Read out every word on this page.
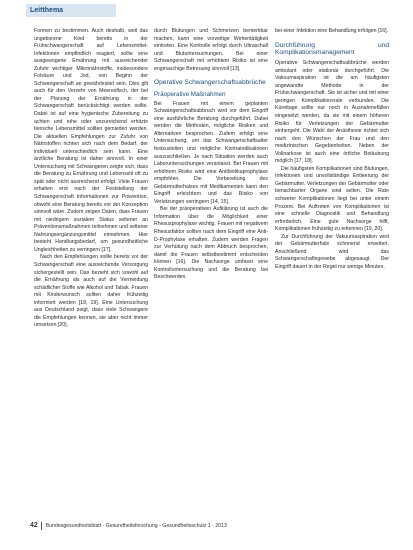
Leitthema

Formen zu bestimmen. Auch deshalb, weil das ungeborene Kind bereits in der Frühschwangerschaft auf Lebensmittel-Infektionen empfindlich reagiert, sollte eine ausgewogene Ernährung mit ausreichender Zufuhr wichtiger Mikronährstoffe, insbesondere Folsäure und Jod, von Beginn der Schwangerschaft an gewährleistet sein. Dies gilt auch für den Verzehr von Meeresfisch, der bei der Planung der Ernährung in der Schwangerschaft berücksichtigt werden sollte. Dabei ist auf eine hygienische Zubereitung zu achten und rohe oder unzureichend erhitzte tierische Lebensmittel sollten gemieden werden. Die aktuellen Empfehlungen zur Zufuhr von Nährstoffen richten sich nach dem Bedarf, der individuell unterschiedlich sein kann. Eine ärztliche Beratung ist daher sinnvoll. In einer Untersuchung mit Schwangeren zeigte sich, dass die Beratung zu Ernährung und Lebensstil oft zu spät oder nicht ausreichend erfolgt. Viele Frauen erhalten erst nach der Feststellung der Schwangerschaft Informationen zur Prävention, obwohl eine Beratung bereits vor der Konzeption sinnvoll wäre. Zudem zeigen Daten, dass Frauen mit niedrigem sozialem Status seltener an Präventionsmaßnahmen teilnehmen und seltener Nahrungsergänzungsmittel einnehmen. Hier besteht Handlungsbedarf, um gesundheitliche Ungleichheiten zu verringern [17].

Nach den Empfehlungen sollte bereits vor der Schwangerschaft eine ausreichende Versorgung sichergestellt sein. Das bezieht sich sowohl auf die Ernährung als auch auf die Vermeidung schädlicher Stoffe wie Alkohol und Tabak. Frauen mit Kinderwunsch sollten daher frühzeitig informiert werden [18, 19]. Eine Untersuchung aus Deutschland zeigt, dass viele Schwangere die Empfehlungen kennen, sie aber nicht immer umsetzen [20].

durch Blutungen und Schmerzen bemerkbar machen, kann eine vorzeitige Wehentätigkeit eintreten. Eine Kontrolle erfolgt durch Ultraschall und Blutuntersuchungen. Bei einer Schwangerschaft mit erhöhtem Risiko ist eine engmaschige Betreuung sinnvoll [13].

Operative Schwangerschaftsabbrüche
Präoperative Maßnahmen

Bei Frauen mit einem geplanten Schwangerschaftsabbruch wird vor dem Eingriff eine ausführliche Beratung durchgeführt. Dabei werden die Methoden, mögliche Risiken und Alternativen besprochen. Zudem erfolgt eine Untersuchung, um das Schwangerschaftsalter festzustellen und mögliche Kontraindikationen auszuschließen. Je nach Situation werden auch Laboruntersuchungen veranlasst. Bei Frauen mit erhöhtem Risiko wird eine Antibiotikaprophylaxe empfohlen. Die Vorbereitung des Gebärmutterhalses mit Medikamenten kann den Eingriff erleichtern und das Risiko von Verletzungen verringern [14, 15].

Bei der präoperativen Aufklärung ist auch die Information über die Möglichkeit einer Rhesusprophylaxe wichtig. Frauen mit negativem Rhesusfaktor sollten nach dem Eingriff eine Anti-D-Prophylaxe erhalten. Zudem werden Fragen zur Verhütung nach dem Abbruch besprochen, damit die Frauen selbstbestimmt entscheiden können [16]. Die Nachsorge umfasst eine Kontrolluntersuchung und die Beratung bei Beschwerden.

bei einer Infektion eine Behandlung erfolgen [16].

Durchführung und Komplikationsmanagement

Operative Schwangerschaftsabbrüche werden ambulant oder stationär durchgeführt. Die Vakuumaspiration ist die am häufigsten angewandte Methode in der Frühschwangerschaft. Sie ist sicher und mit einer geringen Komplikationsrate verbunden. Die Kürettage sollte nur noch in Ausnahmefällen eingesetzt werden, da sie mit einem höheren Risiko für Verletzungen der Gebärmutter einhergeht. Die Wahl der Anästhesie richtet sich nach den Wünschen der Frau und den medizinischen Gegebenheiten. Neben der Vollnarkose ist auch eine örtliche Betäubung möglich [17, 18].

Die häufigsten Komplikationen sind Blutungen, Infektionen und unvollständige Entleerung der Gebärmutter. Verletzungen der Gebärmutter oder benachbarter Organe sind selten. Die Rate schwerer Komplikationen liegt bei unter einem Prozent. Bei Auftreten von Komplikationen ist eine schnelle Diagnostik und Behandlung erforderlich. Eine gute Nachsorge hilft, Komplikationen frühzeitig zu erkennen [19, 20].

Zur Durchführung der Vakuumaspiration wird der Gebärmutterhals schonend erweitert. Anschließend wird das Schwangerschaftsgewebe abgesaugt. Der Eingriff dauert in der Regel nur wenige Minuten.

42 Bundesgesundheitsblatt - Gesundheitsforschung - Gesundheitsschutz 1 · 2013
